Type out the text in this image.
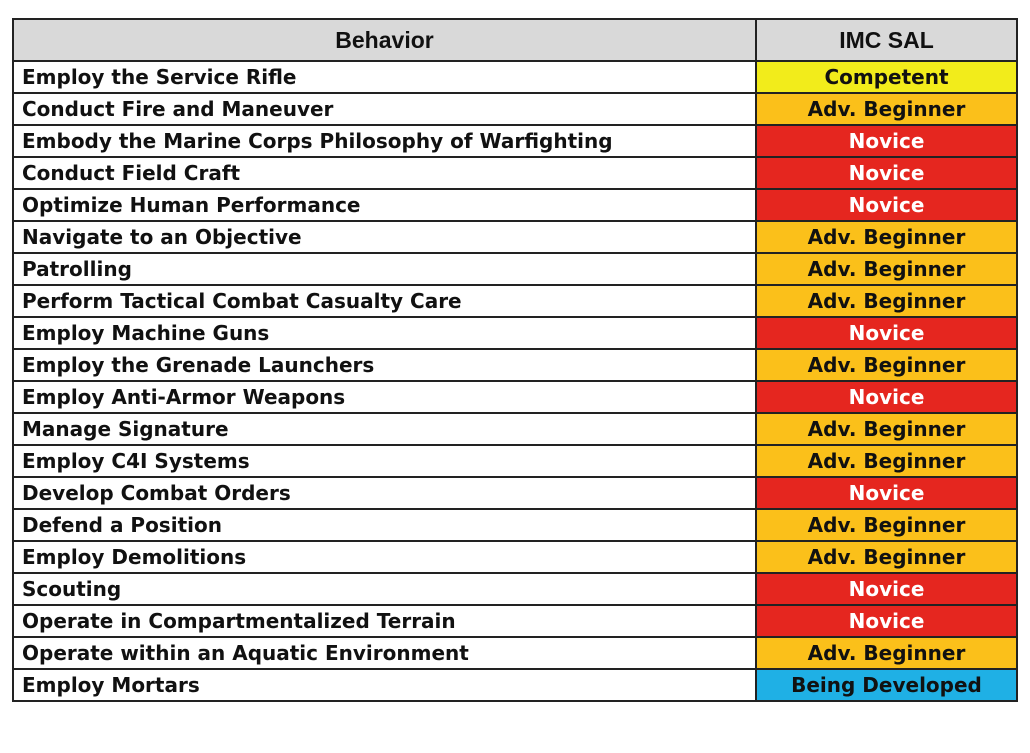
Behavior	IMC SAL
Employ the Service Rifle	Competent
Conduct Fire and Maneuver	Adv. Beginner
Embody the Marine Corps Philosophy of Warfighting	Novice
Conduct Field Craft	Novice
Optimize Human Performance	Novice
Navigate to an Objective	Adv. Beginner
Patrolling	Adv. Beginner
Perform Tactical Combat Casualty Care	Adv. Beginner
Employ Machine Guns	Novice
Employ the Grenade Launchers	Adv. Beginner
Employ Anti-Armor Weapons	Novice
Manage Signature	Adv. Beginner
Employ C4I Systems	Adv. Beginner
Develop Combat Orders	Novice
Defend a Position	Adv. Beginner
Employ Demolitions	Adv. Beginner
Scouting	Novice
Operate in Compartmentalized Terrain	Novice
Operate within an Aquatic Environment	Adv. Beginner
Employ Mortars	Being Developed
